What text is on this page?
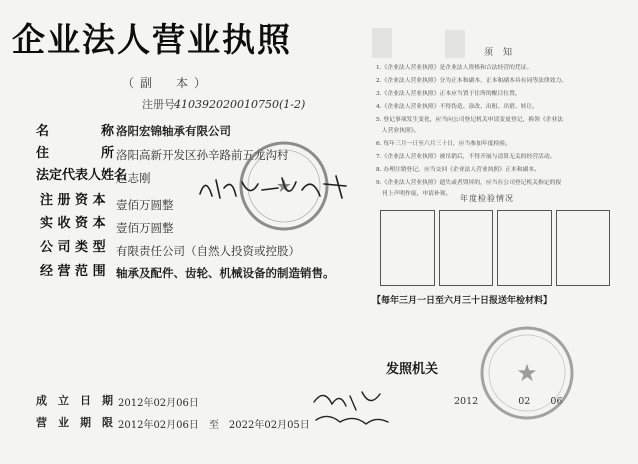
企业法人营业执照
（副　本）
注册号 410392020010750(1-2)
名　　　　称 洛阳宏锦轴承有限公司
住　　　　所 洛阳高新开发区孙辛路前五龙沟村
法定代表人姓名
赵志刚
注 册 资 本 壹佰万圆整
实 收 资 本 壹佰万圆整
公 司 类 型 有限责任公司（自然人投资或控股）
经 营 范 围 轴承及配件、齿轮、机械设备的制造销售。
★
须知
1.《企业法人营业执照》是企业法人资格和合法经营的凭证。
2.《企业法人营业执照》分为正本和副本，正本和副本具有同等法律效力。
3.《企业法人营业执照》正本应当置于住所的醒目位置。
4.《企业法人营业执照》不得伪造、涂改、出租、出借、转让。
5. 登记事项发生变化，应当向公司登记机关申请变更登记，换领《企业法
　人营业执照》。
6. 每年三月一日至六月三十日，应当参加年度检验。
7.《企业法人营业执照》被吊销后，不得开展与清算无关的经营活动。
8. 办理注销登记，应当交回《企业法人营业执照》正本和副本。
9.《企业法人营业执照》遗失或者毁坏的，应当在公司登记机关指定的报
　刊上声明作废，申请补领。	年度检验情况
【每年三月一日至六月三十日报送年检材料】
发照机关
2012	02 06
★
成　立　日　期 2012年02月06日
营　业　期　限 2012年02月06日　至　2022年02月05日
